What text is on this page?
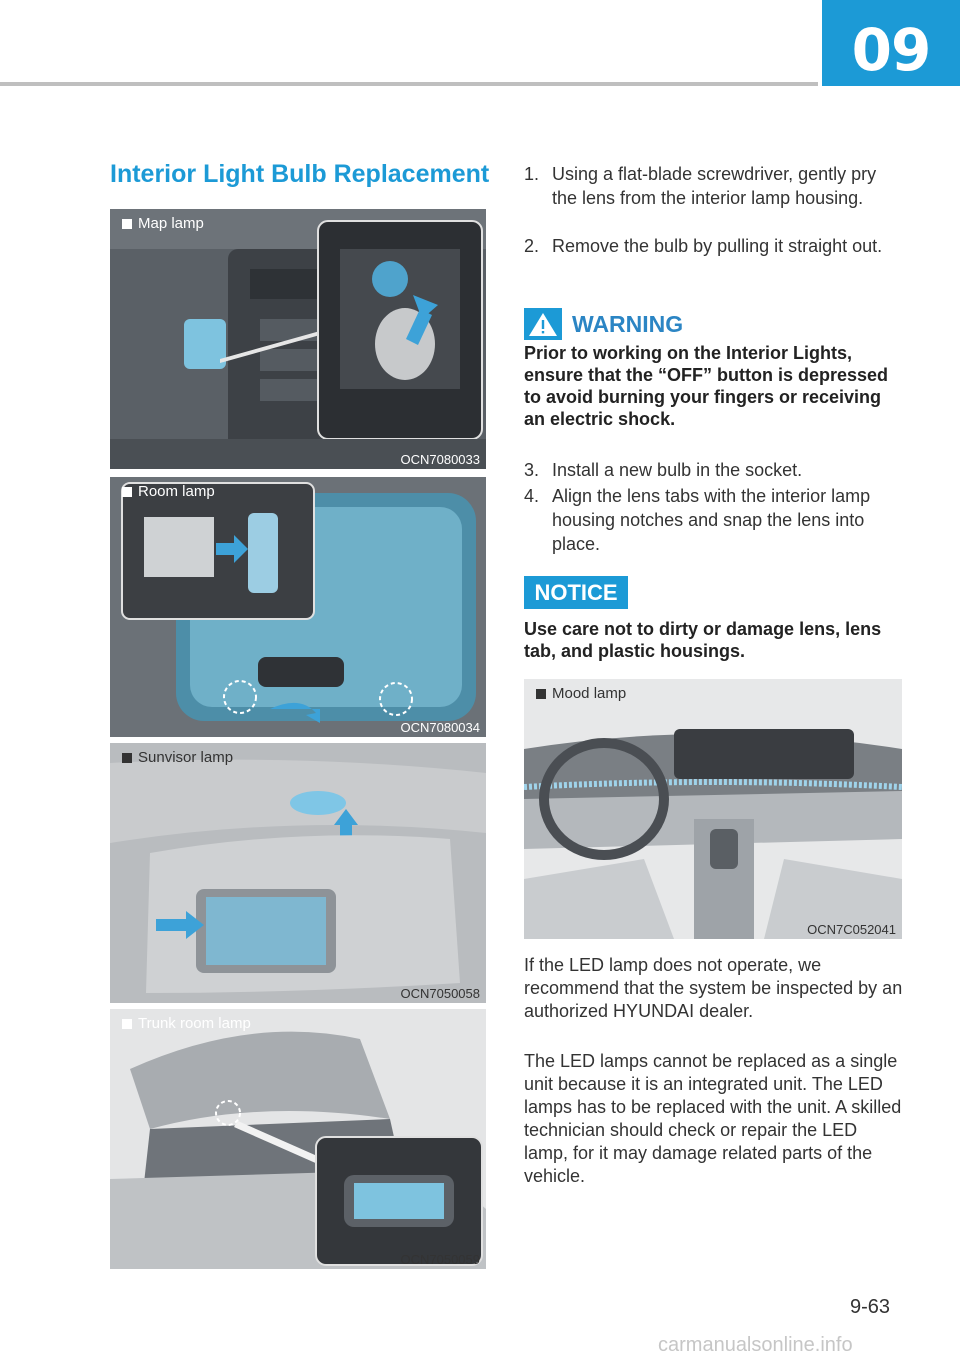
09
Interior Light Bulb Replacement
Map lamp
OCN7080033
Room lamp
OCN7080034
Sunvisor lamp
OCN7050058
Trunk room lamp
OCN7050059
1. Using a flat-blade screwdriver, gently pry the lens from the interior lamp housing.
2. Remove the bulb by pulling it straight out.
WARNING
Prior to working on the Interior Lights, ensure that the “OFF” button is depressed to avoid burning your fingers or receiving an electric shock.
3. Install a new bulb in the socket.
4. Align the lens tabs with the interior lamp housing notches and snap the lens into place.
NOTICE
Use care not to dirty or damage lens, lens tab, and plastic housings.
Mood lamp
OCN7C052041
If the LED lamp does not operate, we recommend that the system be inspected by an authorized HYUNDAI dealer.
The LED lamps cannot be replaced as a single unit because it is an integrated unit. The LED lamps has to be replaced with the unit. A skilled technician should check or repair the LED lamp, for it may damage related parts of the vehicle.
9-63
carmanualsonline.info
